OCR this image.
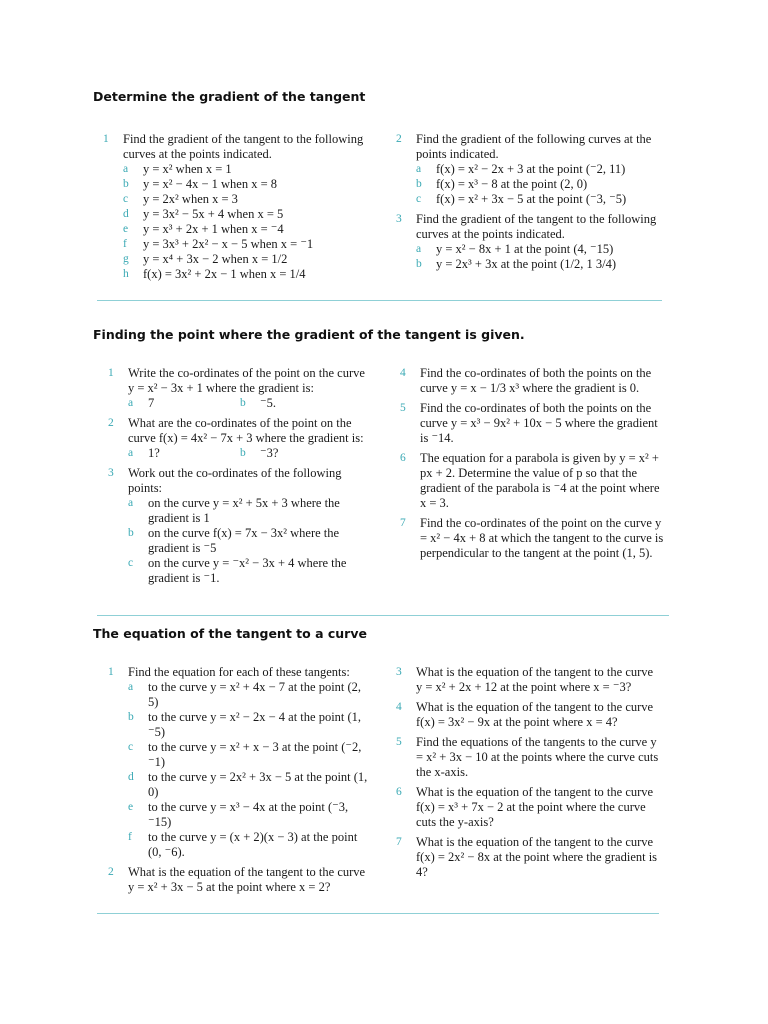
Determine the gradient of the tangent
1 Find the gradient of the tangent to the following curves at the points indicated.
a y = x² when x = 1
b y = x² − 4x − 1 when x = 8
c y = 2x² when x = 3
d y = 3x² − 5x + 4 when x = 5
e y = x³ + 2x + 1 when x = ⁻4
f y = 3x³ + 2x² − x − 5 when x = ⁻1
g y = x⁴ + 3x − 2 when x = 1/2
h f(x) = 3x² + 2x − 1 when x = 1/4
2 Find the gradient of the following curves at the points indicated.
a f(x) = x² − 2x + 3 at the point (⁻2, 11)
b f(x) = x³ − 8 at the point (2, 0)
c f(x) = x² + 3x − 5 at the point (⁻3, ⁻5)
3 Find the gradient of the tangent to the following curves at the points indicated.
a y = x² − 8x + 1 at the point (4, ⁻15)
b y = 2x³ + 3x at the point (1/2, 1 3/4)
Finding the point where the gradient of the tangent is given.
1 Write the co-ordinates of the point on the curve y = x² − 3x + 1 where the gradient is:
a 7	b ⁻5.
2 What are the co-ordinates of the point on the curve f(x) = 4x² − 7x + 3 where the gradient is:
a 1?	b ⁻3?
3 Work out the co-ordinates of the following points:
a on the curve y = x² + 5x + 3 where the gradient is 1
b on the curve f(x) = 7x − 3x² where the gradient is ⁻5
c on the curve y = ⁻x² − 3x + 4 where the gradient is ⁻1.
4 Find the co-ordinates of both the points on the curve y = x − 1/3 x³ where the gradient is 0.
5 Find the co-ordinates of both the points on the curve y = x³ − 9x² + 10x − 5 where the gradient is ⁻14.
6 The equation for a parabola is given by y = x² + px + 2. Determine the value of p so that the gradient of the parabola is ⁻4 at the point where x = 3.
7 Find the co-ordinates of the point on the curve y = x² − 4x + 8 at which the tangent to the curve is perpendicular to the tangent at the point (1, 5).
The equation of the tangent to a curve
1 Find the equation for each of these tangents:
a to the curve y = x² + 4x − 7 at the point (2, 5)
b to the curve y = x² − 2x − 4 at the point (1, ⁻5)
c to the curve y = x² + x − 3 at the point (⁻2, ⁻1)
d to the curve y = 2x² + 3x − 5 at the point (1, 0)
e to the curve y = x³ − 4x at the point (⁻3, ⁻15)
f to the curve y = (x + 2)(x − 3) at the point (0, ⁻6).
2 What is the equation of the tangent to the curve y = x² + 3x − 5 at the point where x = 2?
3 What is the equation of the tangent to the curve y = x² + 2x + 12 at the point where x = ⁻3?
4 What is the equation of the tangent to the curve f(x) = 3x² − 9x at the point where x = 4?
5 Find the equations of the tangents to the curve y = x² + 3x − 10 at the points where the curve cuts the x-axis.
6 What is the equation of the tangent to the curve f(x) = x³ + 7x − 2 at the point where the curve cuts the y-axis?
7 What is the equation of the tangent to the curve f(x) = 2x² − 8x at the point where the gradient is 4?
